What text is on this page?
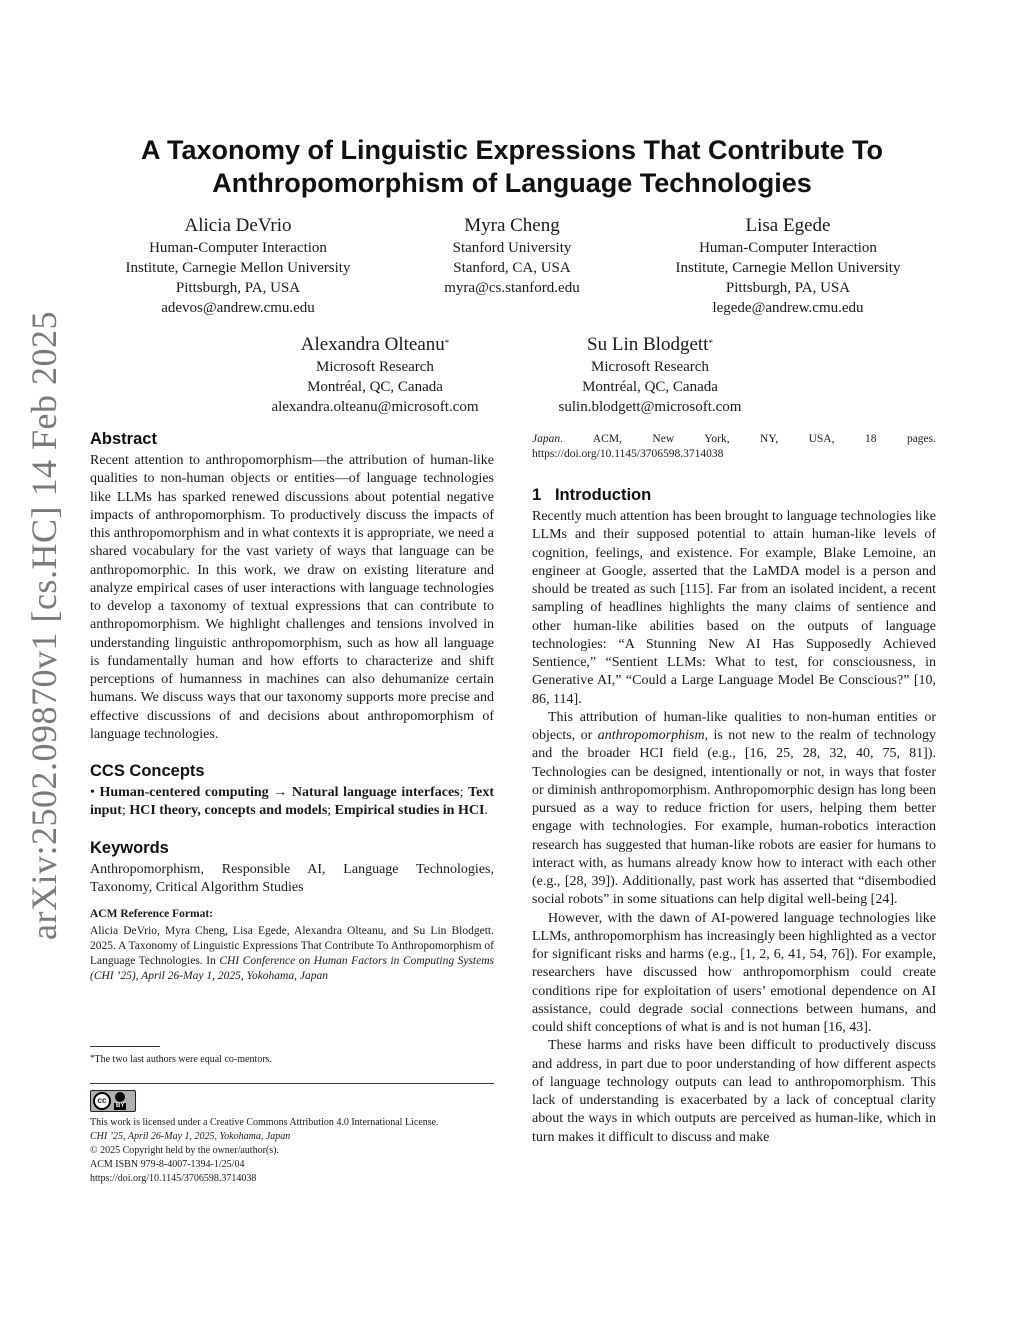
arXiv:2502.09870v1 [cs.HC] 14 Feb 2025
A Taxonomy of Linguistic Expressions That Contribute To
Anthropomorphism of Language Technologies
Alicia DeVrio
Human-Computer Interaction
Institute, Carnegie Mellon University
Pittsburgh, PA, USA
adevos@andrew.cmu.edu
Myra Cheng
Stanford University
Stanford, CA, USA
myra@cs.stanford.edu
Lisa Egede
Human-Computer Interaction
Institute, Carnegie Mellon University
Pittsburgh, PA, USA
legede@andrew.cmu.edu
Alexandra Olteanu*
Microsoft Research
Montréal, QC, Canada
alexandra.olteanu@microsoft.com
Su Lin Blodgett*
Microsoft Research
Montréal, QC, Canada
sulin.blodgett@microsoft.com
Abstract

Recent attention to anthropomorphism—the attribution of human-like qualities to non-human objects or entities—of language technologies like LLMs has sparked renewed discussions about potential negative impacts of anthropomorphism. To productively discuss the impacts of this anthropomorphism and in what contexts it is appropriate, we need a shared vocabulary for the vast variety of ways that language can be anthropomorphic. In this work, we draw on existing literature and analyze empirical cases of user interactions with language technologies to develop a taxonomy of textual expressions that can contribute to anthropomorphism. We highlight challenges and tensions involved in understanding linguistic anthropomorphism, such as how all language is fundamentally human and how efforts to characterize and shift perceptions of humanness in machines can also dehumanize certain humans. We discuss ways that our taxonomy supports more precise and effective discussions of and decisions about anthropomorphism of language technologies.

CCS Concepts

• Human-centered computing → Natural language interfaces; Text input; HCI theory, concepts and models; Empirical studies in HCI.

Keywords

Anthropomorphism, Responsible AI, Language Technologies, Taxonomy, Critical Algorithm Studies

ACM Reference Format:

Alicia DeVrio, Myra Cheng, Lisa Egede, Alexandra Olteanu, and Su Lin Blodgett. 2025. A Taxonomy of Linguistic Expressions That Contribute To Anthropomorphism of Language Technologies. In CHI Conference on Human Factors in Computing Systems (CHI ’25), April 26-May 1, 2025, Yokohama, Japan

*The two last authors were equal co-mentors.
cc
BY
This work is licensed under a Creative Commons Attribution 4.0 International License.
CHI ’25, April 26-May 1, 2025, Yokohama, Japan
© 2025 Copyright held by the owner/author(s).
ACM ISBN 979-8-4007-1394-1/25/04
https://doi.org/10.1145/3706598.3714038

Japan. ACM, New York, NY, USA, 18 pages. https://doi.org/10.1145/3706598.3714038

1 Introduction

Recently much attention has been brought to language technologies like LLMs and their supposed potential to attain human-like levels of cognition, feelings, and existence. For example, Blake Lemoine, an engineer at Google, asserted that the LaMDA model is a person and should be treated as such [115]. Far from an isolated incident, a recent sampling of headlines highlights the many claims of sentience and other human-like abilities based on the outputs of language technologies: “A Stunning New AI Has Supposedly Achieved Sentience,” “Sentient LLMs: What to test, for consciousness, in Generative AI,” “Could a Large Language Model Be Conscious?” [10, 86, 114].

This attribution of human-like qualities to non-human entities or objects, or anthropomorphism, is not new to the realm of technology and the broader HCI field (e.g., [16, 25, 28, 32, 40, 75, 81]). Technologies can be designed, intentionally or not, in ways that foster or diminish anthropomorphism. Anthropomorphic design has long been pursued as a way to reduce friction for users, helping them better engage with technologies. For example, human-robotics interaction research has suggested that human-like robots are easier for humans to interact with, as humans already know how to interact with each other (e.g., [28, 39]). Additionally, past work has asserted that “disembodied social robots” in some situations can help digital well-being [24].

However, with the dawn of AI-powered language technologies like LLMs, anthropomorphism has increasingly been highlighted as a vector for significant risks and harms (e.g., [1, 2, 6, 41, 54, 76]). For example, researchers have discussed how anthropomorphism could create conditions ripe for exploitation of users’ emotional dependence on AI assistance, could degrade social connections between humans, and could shift conceptions of what is and is not human [16, 43].

These harms and risks have been difficult to productively discuss and address, in part due to poor understanding of how different aspects of language technology outputs can lead to anthropomorphism. This lack of understanding is exacerbated by a lack of conceptual clarity about the ways in which outputs are perceived as human-like, which in turn makes it difficult to discuss and make
